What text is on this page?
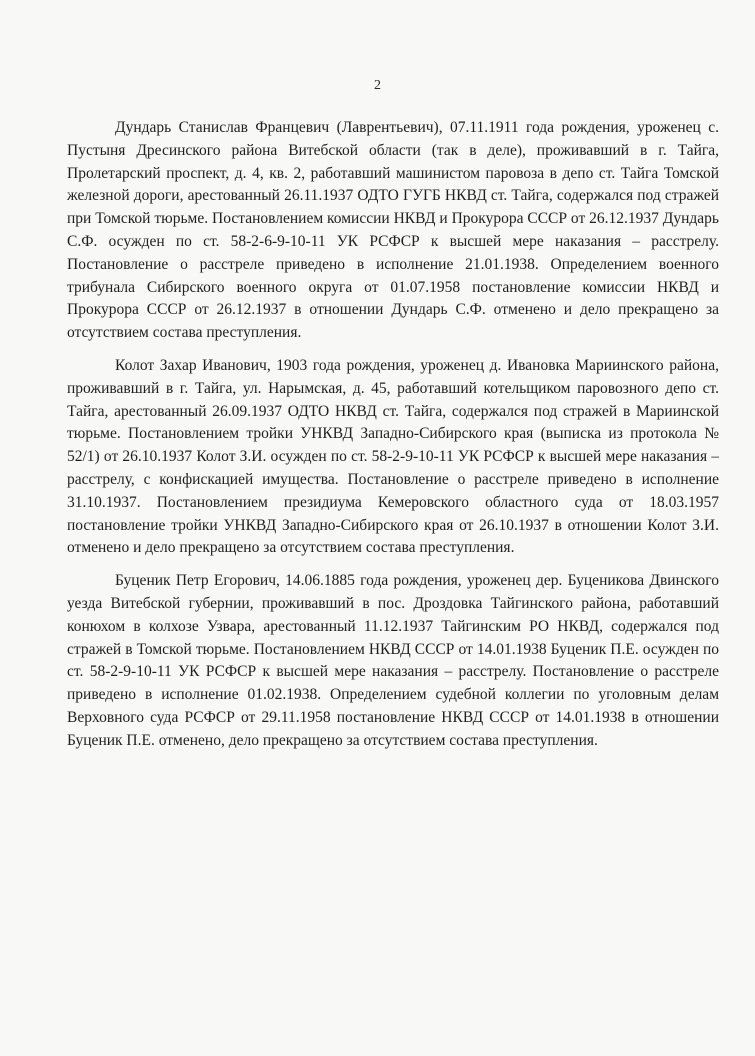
2

Дундарь Станислав Францевич (Лаврентьевич), 07.11.1911 года рождения, уроженец с. Пустыня Дресинского района Витебской области (так в деле), проживавший в г. Тайга, Пролетарский проспект, д. 4, кв. 2, работавший машинистом паровоза в депо ст. Тайга Томской железной дороги, арестованный 26.11.1937 ОДТО ГУГБ НКВД ст. Тайга, содержался под стражей при Томской тюрьме. Постановлением комиссии НКВД и Прокурора СССР от 26.12.1937 Дундарь С.Ф. осужден по ст. 58-2-6-9-10-11 УК РСФСР к высшей мере наказания – расстрелу. Постановление о расстреле приведено в исполнение 21.01.1938. Определением военного трибунала Сибирского военного округа от 01.07.1958 постановление комиссии НКВД и Прокурора СССР от 26.12.1937 в отношении Дундарь С.Ф. отменено и дело прекращено за отсутствием состава преступления.

Колот Захар Иванович, 1903 года рождения, уроженец д. Ивановка Мариинского района, проживавший в г. Тайга, ул. Нарымская, д. 45, работавший котельщиком паровозного депо ст. Тайга, арестованный 26.09.1937 ОДТО НКВД ст. Тайга, содержался под стражей в Мариинской тюрьме. Постановлением тройки УНКВД Западно-Сибирского края (выписка из протокола № 52/1) от 26.10.1937 Колот З.И. осужден по ст. 58-2-9-10-11 УК РСФСР к высшей мере наказания – расстрелу, с конфискацией имущества. Постановление о расстреле приведено в исполнение 31.10.1937. Постановлением президиума Кемеровского областного суда от 18.03.1957 постановление тройки УНКВД Западно-Сибирского края от 26.10.1937 в отношении Колот З.И. отменено и дело прекращено за отсутствием состава преступления.

Буценик Петр Егорович, 14.06.1885 года рождения, уроженец дер. Буценикова Двинского уезда Витебской губернии, проживавший в пос. Дроздовка Тайгинского района, работавший конюхом в колхозе Узвара, арестованный 11.12.1937 Тайгинским РО НКВД, содержался под стражей в Томской тюрьме. Постановлением НКВД СССР от 14.01.1938 Буценик П.Е. осужден по ст. 58-2-9-10-11 УК РСФСР к высшей мере наказания – расстрелу. Постановление о расстреле приведено в исполнение 01.02.1938. Определением судебной коллегии по уголовным делам Верховного суда РСФСР от 29.11.1958 постановление НКВД СССР от 14.01.1938 в отношении Буценик П.Е. отменено, дело прекращено за отсутствием состава преступления.
